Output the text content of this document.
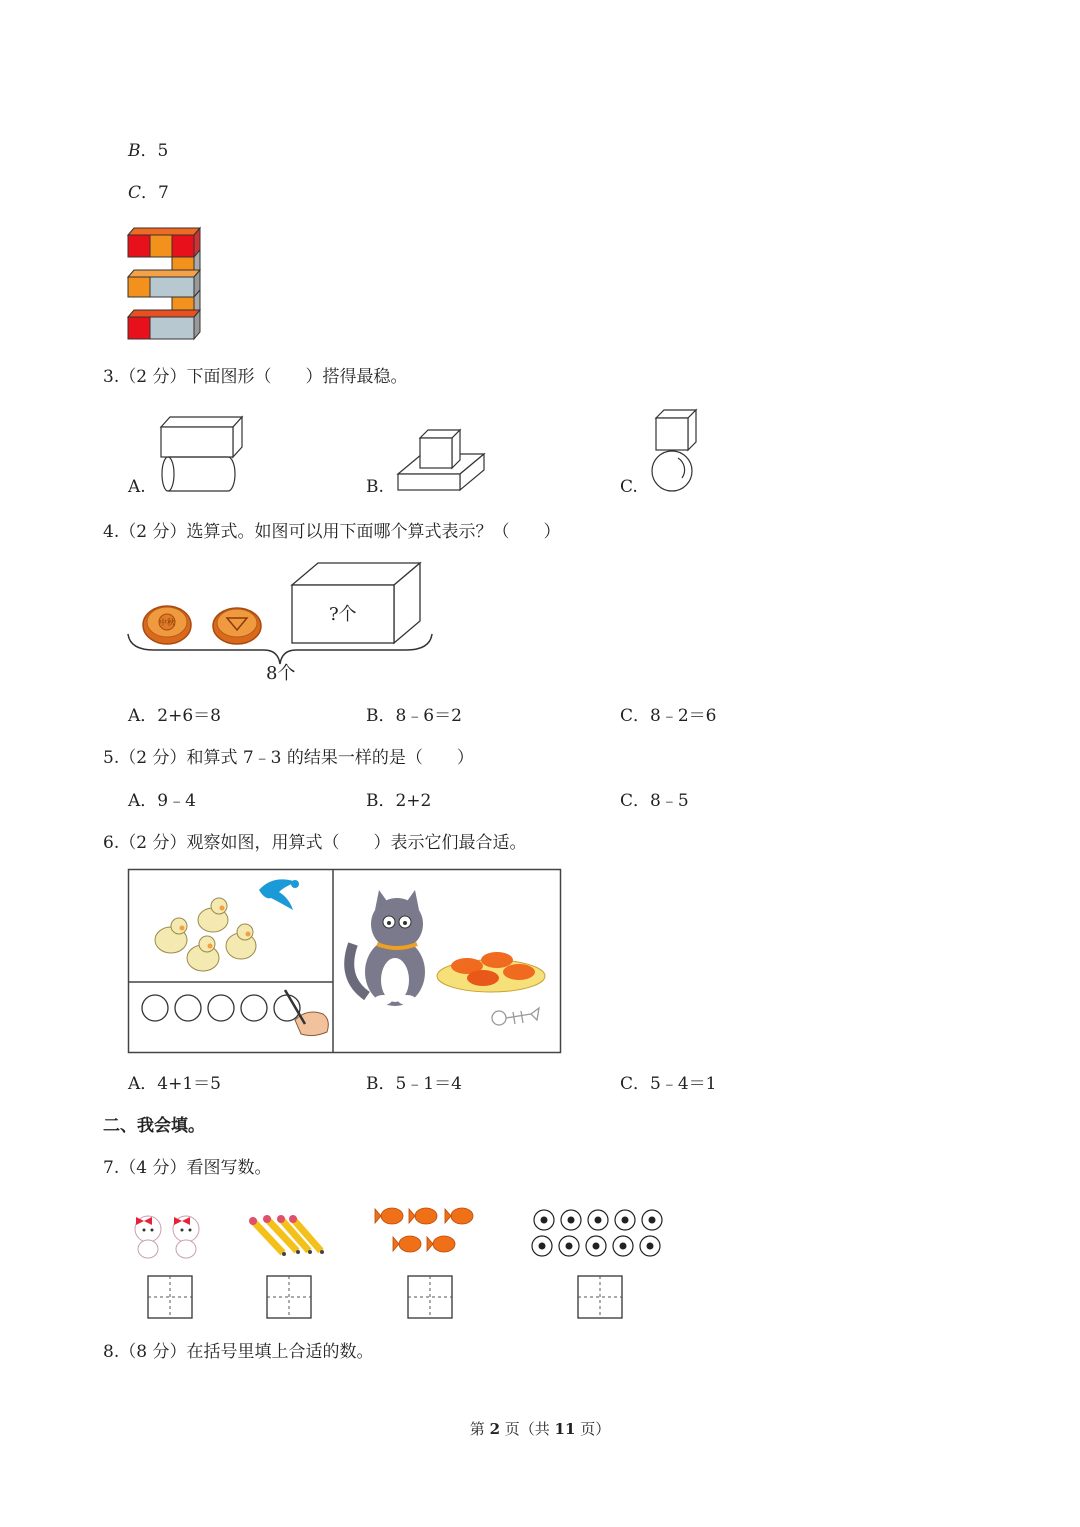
B．5
C．7
3.（2 分）下面图形（　　）搭得最稳。
A.	B.	C.
4.（2 分）选算式。如图可以用下面哪个算式表示？（　　）
中秋	?个
8个
A．2+6＝8	B．8﹣6＝2	C．8﹣2＝6
5.（2 分）和算式 7﹣3 的结果一样的是（　　）
A．9﹣4	B．2+2	C．8﹣5
6.（2 分）观察如图，用算式（　　）表示它们最合适。
A．4+1＝5	B．5﹣1＝4	C．5﹣4＝1
二、我会填。
7.（4 分）看图写数。
8.（8 分）在括号里填上合适的数。
第 2 页（共 11 页）
